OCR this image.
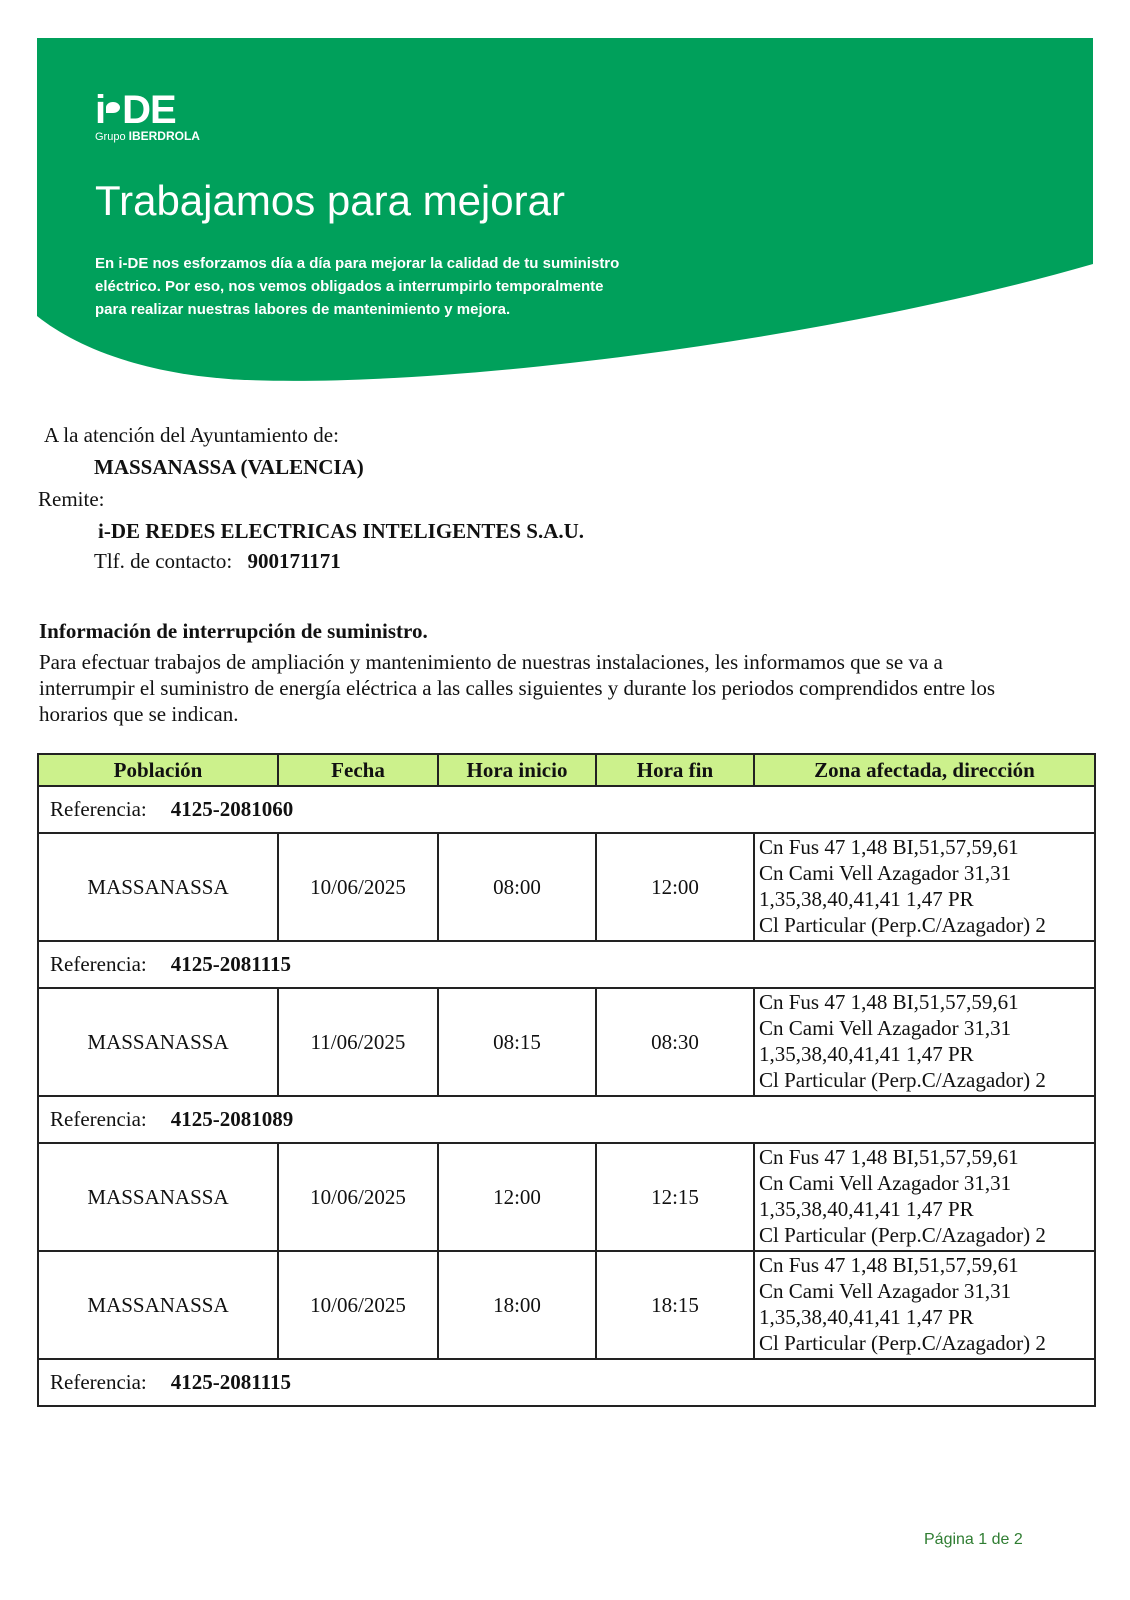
i DE
Grupo IBERDROLA
Trabajamos para mejorar
En i-DE nos esforzamos día a día para mejorar la calidad de tu suministro
eléctrico. Por eso, nos vemos obligados a interrumpirlo temporalmente
para realizar nuestras labores de mantenimiento y mejora.
A la atención del Ayuntamiento de:
MASSANASSA (VALENCIA)
Remite:
i-DE REDES ELECTRICAS INTELIGENTES S.A.U.
Tlf. de contacto: 900171171
Información de interrupción de suministro.
Para efectuar trabajos de ampliación y mantenimiento de nuestras instalaciones, les informamos que se va a
interrumpir el suministro de energía eléctrica a las calles siguientes y durante los periodos comprendidos entre los
horarios que se indican.
Población	Fecha	Hora inicio	Hora fin	Zona afectada, dirección
Referencia: 4125-2081060				
MASSANASSA	10/06/2025	08:00	12:00	Cn Fus 47 1,48 BI,51,57,59,61
Cn Cami Vell Azagador 31,31
1,35,38,40,41,41 1,47 PR
Cl Particular (Perp.C/Azagador) 2

Referencia: 4125-2081115				
MASSANASSA	11/06/2025	08:15	08:30	Cn Fus 47 1,48 BI,51,57,59,61
Cn Cami Vell Azagador 31,31
1,35,38,40,41,41 1,47 PR
Cl Particular (Perp.C/Azagador) 2

Referencia: 4125-2081089				
MASSANASSA	10/06/2025	12:00	12:15	Cn Fus 47 1,48 BI,51,57,59,61
Cn Cami Vell Azagador 31,31
1,35,38,40,41,41 1,47 PR
Cl Particular (Perp.C/Azagador) 2

MASSANASSA	10/06/2025	18:00	18:15	Cn Fus 47 1,48 BI,51,57,59,61
Cn Cami Vell Azagador 31,31
1,35,38,40,41,41 1,47 PR
Cl Particular (Perp.C/Azagador) 2

Referencia: 4125-2081115				
Página 1 de 2
